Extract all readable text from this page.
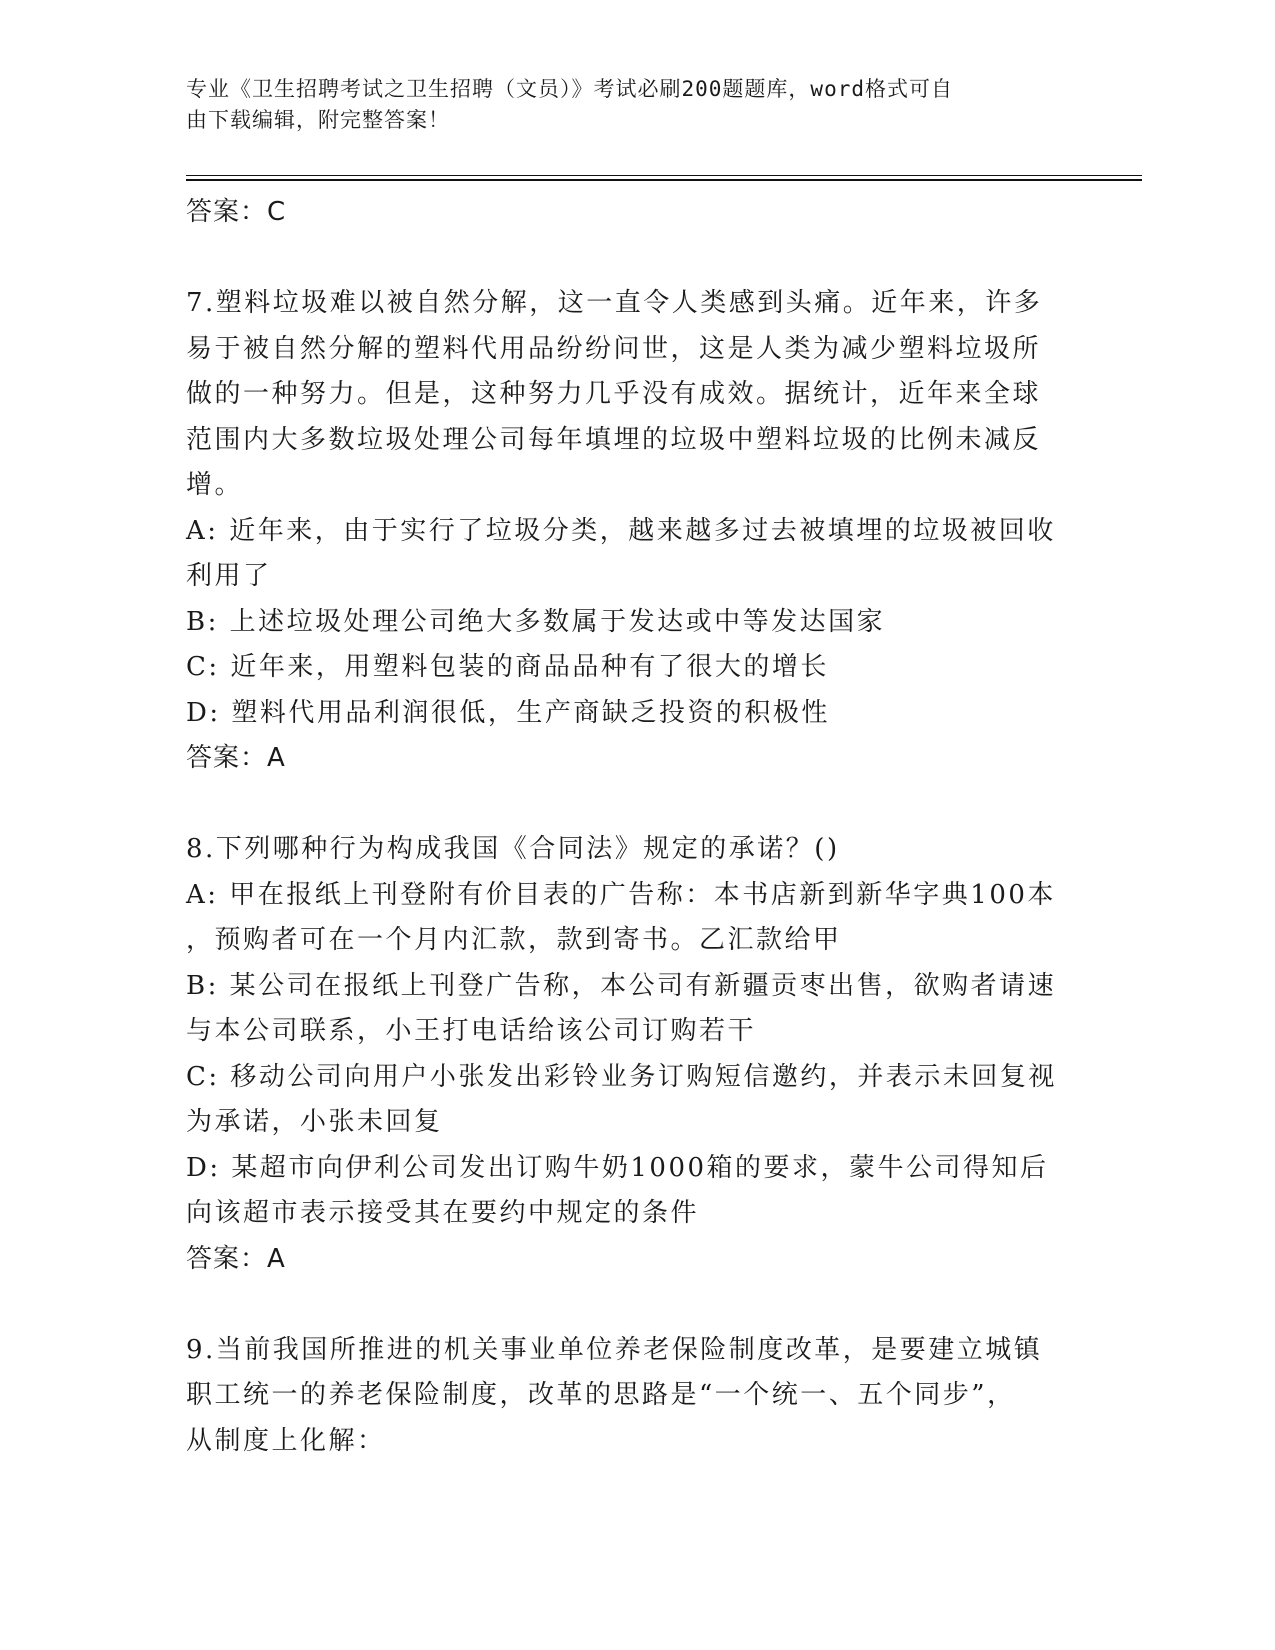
专业《卫生招聘考试之卫生招聘（文员）》考试必刷200题题库，word格式可自
由下载编辑，附完整答案！
答案：C
7.塑料垃圾难以被自然分解，这一直令人类感到头痛。近年来，许多
易于被自然分解的塑料代用品纷纷问世，这是人类为减少塑料垃圾所
做的一种努力。但是，这种努力几乎没有成效。据统计，近年来全球
范围内大多数垃圾处理公司每年填埋的垃圾中塑料垃圾的比例未减反
增。
A: 近年来，由于实行了垃圾分类，越来越多过去被填埋的垃圾被回收
利用了
B: 上述垃圾处理公司绝大多数属于发达或中等发达国家
C: 近年来，用塑料包装的商品品种有了很大的增长
D: 塑料代用品利润很低，生产商缺乏投资的积极性
答案：A
8.下列哪种行为构成我国《合同法》规定的承诺？()
A: 甲在报纸上刊登附有价目表的广告称：本书店新到新华字典100本
，预购者可在一个月内汇款，款到寄书。乙汇款给甲
B: 某公司在报纸上刊登广告称，本公司有新疆贡枣出售，欲购者请速
与本公司联系，小王打电话给该公司订购若干
C: 移动公司向用户小张发出彩铃业务订购短信邀约，并表示未回复视
为承诺，小张未回复
D: 某超市向伊利公司发出订购牛奶1000箱的要求，蒙牛公司得知后
向该超市表示接受其在要约中规定的条件
答案：A
9.当前我国所推进的机关事业单位养老保险制度改革，是要建立城镇
职工统一的养老保险制度，改革的思路是“一个统一、五个同步”，
从制度上化解：
